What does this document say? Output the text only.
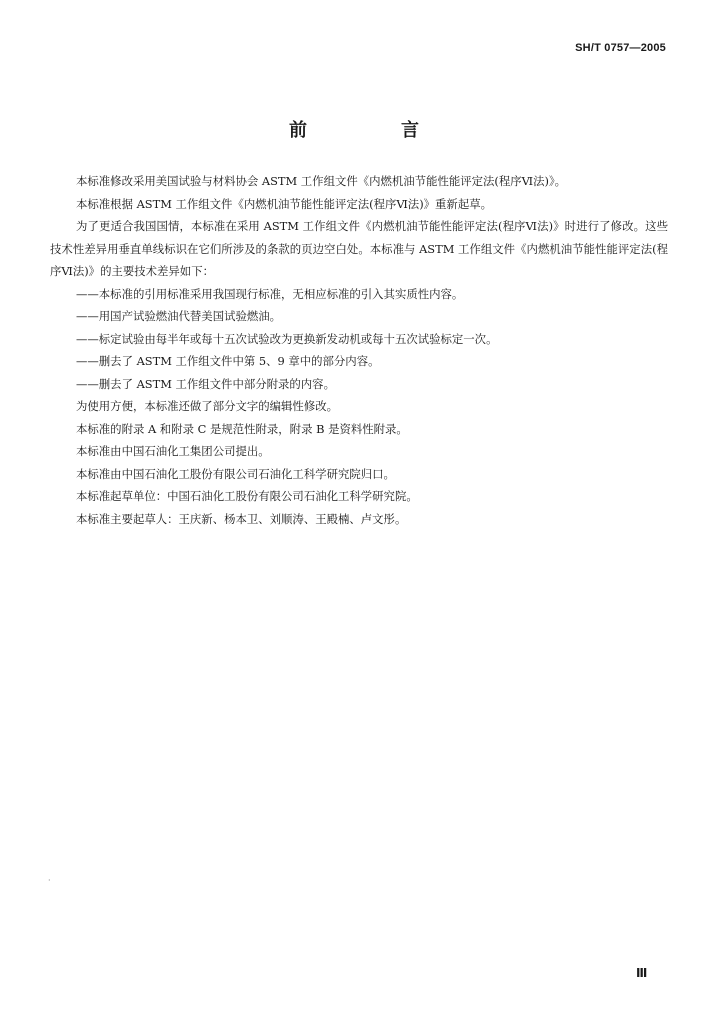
SH/T 0757—2005
前　言

本标准修改采用美国试验与材料协会 ASTM 工作组文件《内燃机油节能性能评定法(程序Ⅵ法)》。

本标准根据 ASTM 工作组文件《内燃机油节能性能评定法(程序Ⅵ法)》重新起草。

为了更适合我国国情，本标准在采用 ASTM 工作组文件《内燃机油节能性能评定法(程序Ⅵ法)》时进行了修改。这些技术性差异用垂直单线标识在它们所涉及的条款的页边空白处。本标准与 ASTM 工作组文件《内燃机油节能性能评定法(程序Ⅵ法)》的主要技术差异如下：

——本标准的引用标准采用我国现行标准，无相应标准的引入其实质性内容。

——用国产试验燃油代替美国试验燃油。

——标定试验由每半年或每十五次试验改为更换新发动机或每十五次试验标定一次。

——删去了 ASTM 工作组文件中第 5、9 章中的部分内容。

——删去了 ASTM 工作组文件中部分附录的内容。

为使用方便，本标准还做了部分文字的编辑性修改。

本标准的附录 A 和附录 C 是规范性附录，附录 B 是资料性附录。

本标准由中国石油化工集团公司提出。

本标准由中国石油化工股份有限公司石油化工科学研究院归口。

本标准起草单位：中国石油化工股份有限公司石油化工科学研究院。

本标准主要起草人：王庆新、杨本卫、刘顺涛、王殿楠、卢文彤。

·
Ⅲ
